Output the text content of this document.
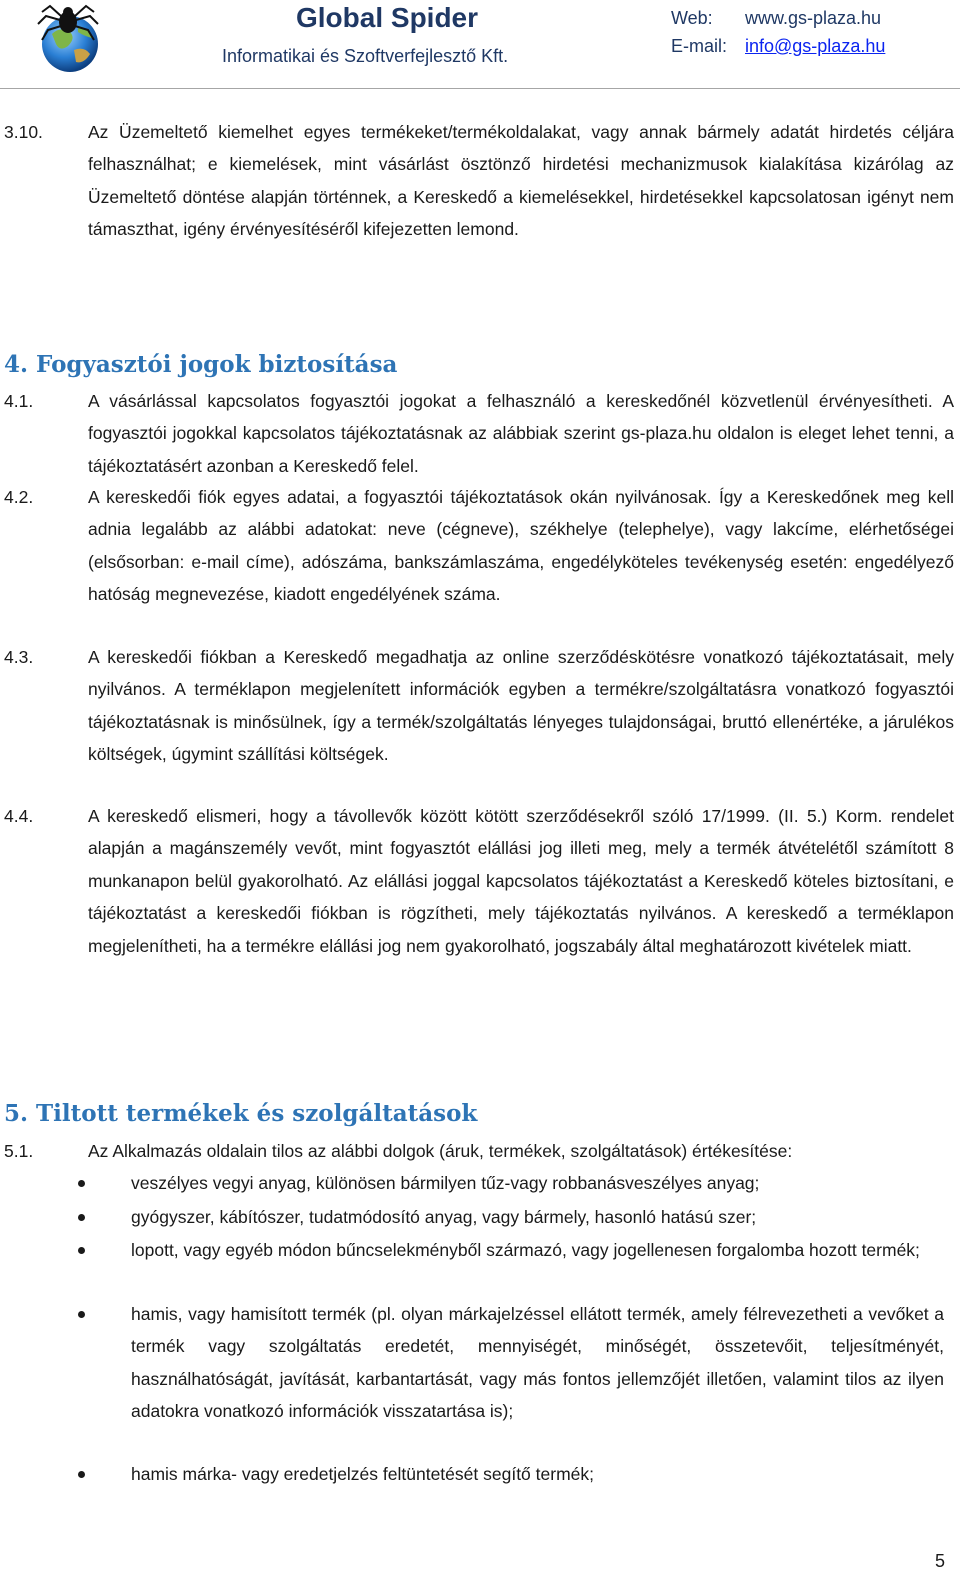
Global Spider
Informatikai és Szoftverfejlesztő Kft.
Web: www.gs-plaza.hu
E-mail: info@gs-plaza.hu
3.10.	Az Üzemeltető kiemelhet egyes termékeket/termékoldalakat, vagy annak bármely adatát hirdetés céljára felhasználhat; e kiemelések, mint vásárlást ösztönző hirdetési mechanizmusok kialakítása kizárólag az Üzemeltető döntése alapján történnek, a Kereskedő a kiemelésekkel, hirdetésekkel kapcsolatosan igényt nem támaszthat, igény érvényesítéséről kifejezetten lemond.
4. Fogyasztói jogok biztosítása
4.1.	A vásárlással kapcsolatos fogyasztói jogokat a felhasználó a kereskedőnél közvetlenül érvényesítheti. A fogyasztói jogokkal kapcsolatos tájékoztatásnak az alábbiak szerint gs-plaza.hu oldalon is eleget lehet tenni, a tájékoztatásért azonban a Kereskedő felel.
4.2.	A kereskedői fiók egyes adatai, a fogyasztói tájékoztatások okán nyilvánosak. Így a Kereskedőnek meg kell adnia legalább az alábbi adatokat: neve (cégneve), székhelye (telephelye), vagy lakcíme, elérhetőségei (elsősorban: e-mail címe), adószáma, bankszámlaszáma, engedélyköteles tevékenység esetén: engedélyező hatóság megnevezése, kiadott engedélyének száma.
4.3.	A kereskedői fiókban a Kereskedő megadhatja az online szerződéskötésre vonatkozó tájékoztatásait, mely nyilvános. A terméklapon megjelenített információk egyben a termékre/szolgáltatásra vonatkozó fogyasztói tájékoztatásnak is minősülnek, így a termék/szolgáltatás lényeges tulajdonságai, bruttó ellenértéke, a járulékos költségek, úgymint szállítási költségek.
4.4.	A kereskedő elismeri, hogy a távollevők között kötött szerződésekről szóló 17/1999. (II. 5.) Korm. rendelet alapján a magánszemély vevőt, mint fogyasztót elállási jog illeti meg, mely a termék átvételétől számított 8 munkanapon belül gyakorolható. Az elállási joggal kapcsolatos tájékoztatást a Kereskedő köteles biztosítani, e tájékoztatást a kereskedői fiókban is rögzítheti, mely tájékoztatás nyilvános. A kereskedő a terméklapon megjelenítheti, ha a termékre elállási jog nem gyakorolható, jogszabály által meghatározott kivételek miatt.
5. Tiltott termékek és szolgáltatások
5.1.	Az Alkalmazás oldalain tilos az alábbi dolgok (áruk, termékek, szolgáltatások) értékesítése:
veszélyes vegyi anyag, különösen bármilyen tűz-vagy robbanásveszélyes anyag;
gyógyszer, kábítószer, tudatmódosító anyag, vagy bármely, hasonló hatású szer;
lopott, vagy egyéb módon bűncselekményből származó, vagy jogellenesen forgalomba hozott termék;
hamis, vagy hamisított termék (pl. olyan márkajelzéssel ellátott termék, amely félrevezetheti a vevőket a termék vagy szolgáltatás eredetét, mennyiségét, minőségét, összetevőit, teljesítményét, használhatóságát, javítását, karbantartását, vagy más fontos jellemzőjét illetően, valamint tilos az ilyen adatokra vonatkozó információk visszatartása is);
hamis márka- vagy eredetjelzés feltüntetését segítő termék;
5
